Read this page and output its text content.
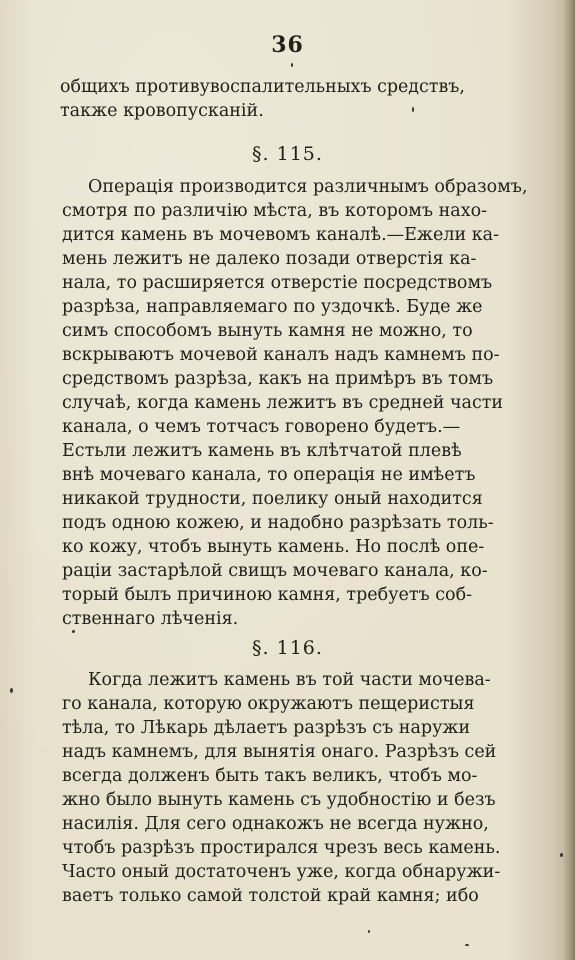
36
общихъ противувоспалительныхъ средствъ,
также кровопусканій.
§. 115.
Операція производится различнымъ образомъ,
смотря по различію мѣста, въ которомъ нахо-
дится камень въ мочевомъ каналѣ.—Ежели ка-
мень лежитъ не далеко позади отверстія ка-
нала, то расширяется отверстіе посредствомъ
разрѣза, направляемаго по уздочкѣ. Буде же
симъ способомъ вынуть камня не можно, то
вскрываютъ мочевой каналъ надъ камнемъ по-
средствомъ разрѣза, какъ на примѣръ въ томъ
случаѣ, когда камень лежитъ въ средней части
канала, о чемъ тотчасъ говорено будетъ.—
Естьли лежитъ камень въ клѣтчатой плевѣ
внѣ мочеваго канала, то операція не имѣетъ
никакой трудности, поелику оный находится
подъ одною кожею, и надобно разрѣзать толь-
ко кожу, чтобъ вынуть камень. Но послѣ опе-
раціи застарѣлой свищъ мочеваго канала, ко-
торый былъ причиною камня, требуетъ соб-
ственнаго лѣченія.
§. 116.
Когда лежитъ камень въ той части мочева-
го канала, которую окружаютъ пещеристыя
тѣла, то Лѣкарь дѣлаетъ разрѣзъ съ наружи
надъ камнемъ, для вынятія онаго. Разрѣзъ сей
всегда долженъ быть такъ великъ, чтобъ мо-
жно было вынуть камень съ удобностію и безъ
насилія. Для сего однакожъ не всегда нужно,
чтобъ разрѣзъ простирался чрезъ весь камень.
Часто оный достаточенъ уже, когда обнаружи-
ваетъ только самой толстой край камня; ибо
